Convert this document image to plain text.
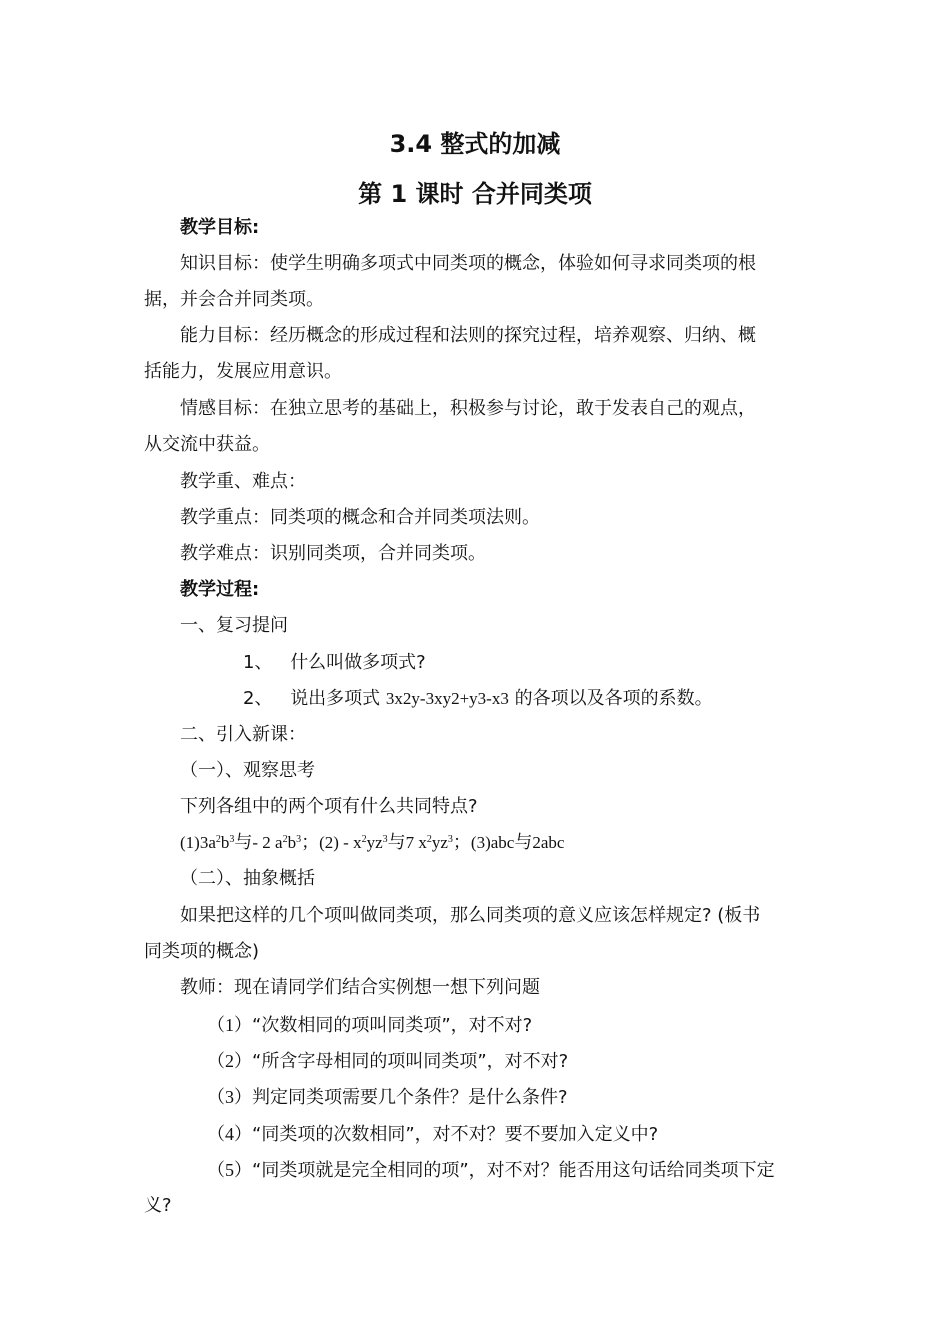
3.4 整式的加减
第 1 课时 合并同类项
教学目标:
知识目标：使学生明确多项式中同类项的概念，体验如何寻求同类项的根
据，并会合并同类项。
能力目标：经历概念的形成过程和法则的探究过程，培养观察、归纳、概
括能力，发展应用意识。
情感目标：在独立思考的基础上，积极参与讨论，敢于发表自己的观点，
从交流中获益。
教学重、难点：
教学重点：同类项的概念和合并同类项法则。
教学难点：识别同类项，合并同类项。
教学过程:
一、复习提问
1、 什么叫做多项式?
2、 说出多项式 3x2y-3xy2+y3-x3 的各项以及各项的系数。
二、引入新课：
（一）、观察思考
下列各组中的两个项有什么共同特点?
$(1)3a^2b^3$与- 2 $a^2b^3$；$(2) - x^2yz^3$与7 $x^2yz^3$；(3)abc与2abc
（二）、抽象概括
如果把这样的几个项叫做同类项，那么同类项的意义应该怎样规定? (板书
同类项的概念)
教师：现在请同学们结合实例想一想下列问题
（1）“次数相同的项叫同类项”，对不对?
（2）“所含字母相同的项叫同类项”，对不对?
（3）判定同类项需要几个条件？是什么条件?
（4）“同类项的次数相同”，对不对？要不要加入定义中?
（5）“同类项就是完全相同的项”，对不对？能否用这句话给同类项下定
义?
